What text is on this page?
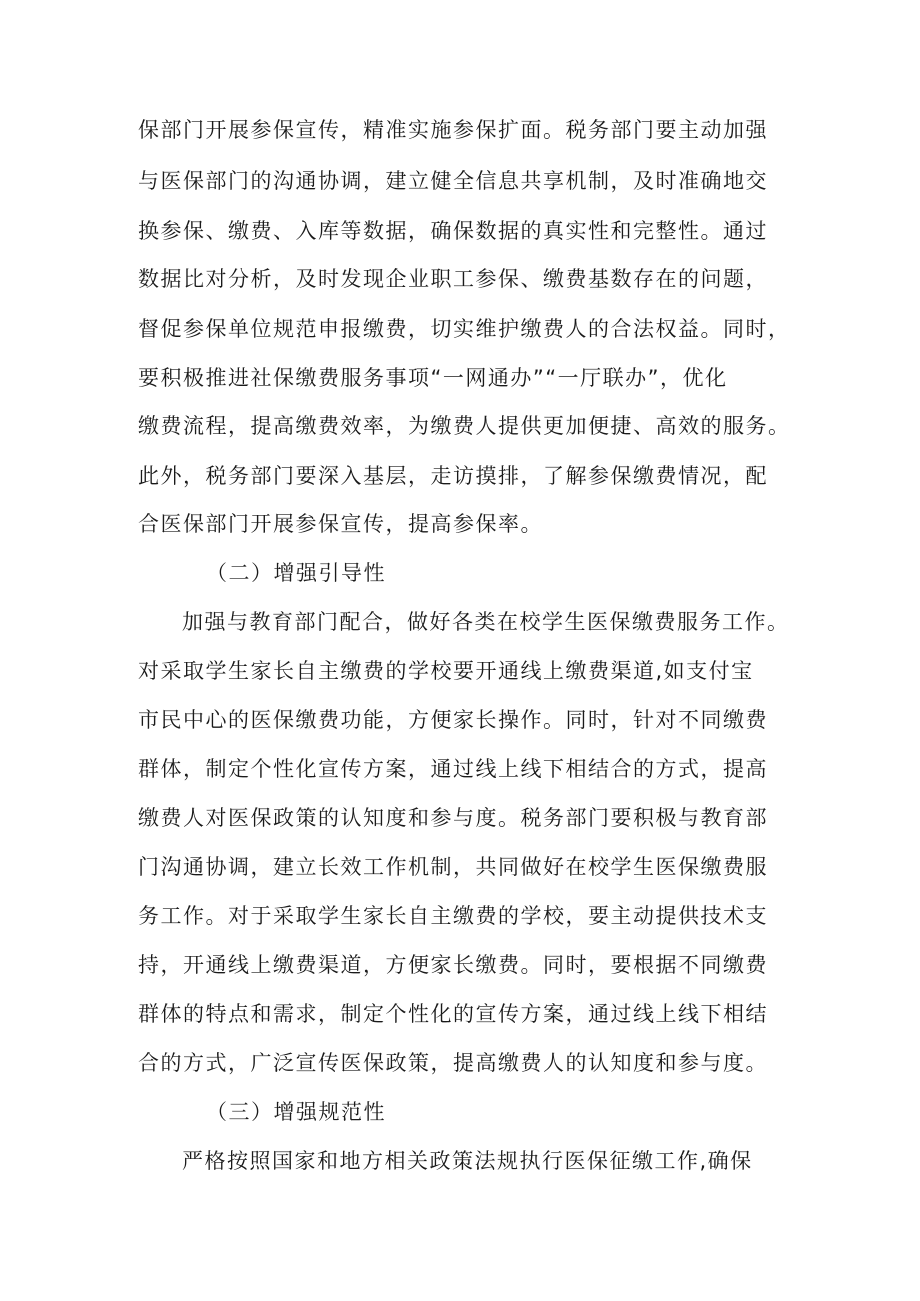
保部门开展参保宣传，精准实施参保扩面。税务部门要主动加强

与医保部门的沟通协调，建立健全信息共享机制，及时准确地交

换参保、缴费、入库等数据，确保数据的真实性和完整性。通过

数据比对分析，及时发现企业职工参保、缴费基数存在的问题，

督促参保单位规范申报缴费，切实维护缴费人的合法权益。同时，

要积极推进社保缴费服务事项“一网通办”“一厅联办”，优化

缴费流程，提高缴费效率，为缴费人提供更加便捷、高效的服务。

此外，税务部门要深入基层，走访摸排，了解参保缴费情况，配

合医保部门开展参保宣传，提高参保率。

（二）增强引导性

加强与教育部门配合，做好各类在校学生医保缴费服务工作。

对采取学生家长自主缴费的学校要开通线上缴费渠道,如支付宝

市民中心的医保缴费功能，方便家长操作。同时，针对不同缴费

群体，制定个性化宣传方案，通过线上线下相结合的方式，提高

缴费人对医保政策的认知度和参与度。税务部门要积极与教育部

门沟通协调，建立长效工作机制，共同做好在校学生医保缴费服

务工作。对于采取学生家长自主缴费的学校，要主动提供技术支

持，开通线上缴费渠道，方便家长缴费。同时，要根据不同缴费

群体的特点和需求，制定个性化的宣传方案，通过线上线下相结

合的方式，广泛宣传医保政策，提高缴费人的认知度和参与度。

（三）增强规范性

严格按照国家和地方相关政策法规执行医保征缴工作,确保
